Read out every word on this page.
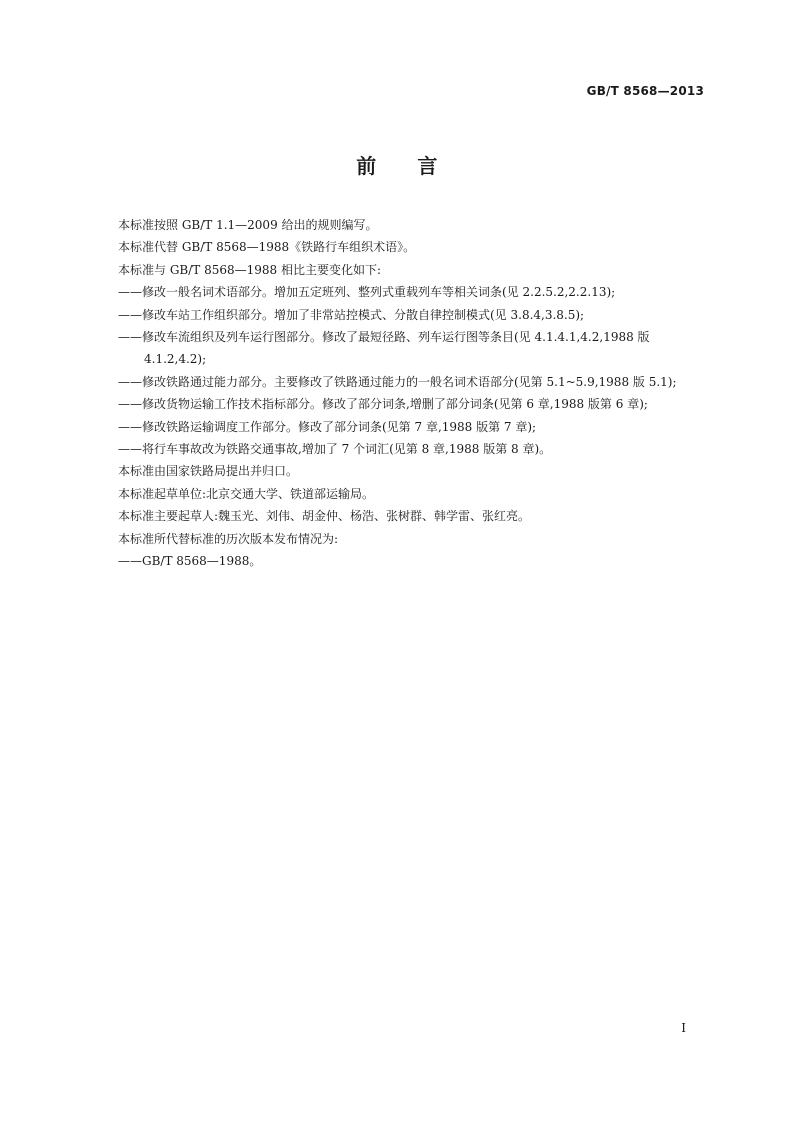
GB/T 8568—2013
前　　言

本标准按照 GB/T 1.1—2009 给出的规则编写。

本标准代替 GB/T 8568—1988《铁路行车组织术语》。

本标准与 GB/T 8568—1988 相比主要变化如下:

——修改一般名词术语部分。增加五定班列、整列式重载列车等相关词条(见 2.2.5.2,2.2.13);

——修改车站工作组织部分。增加了非常站控模式、分散自律控制模式(见 3.8.4,3.8.5);

——修改车流组织及列车运行图部分。修改了最短径路、列车运行图等条目(见 4.1.4.1,4.2,1988 版 4.1.2,4.2);

——修改铁路通过能力部分。主要修改了铁路通过能力的一般名词术语部分(见第 5.1~5.9,1988 版 5.1);

——修改货物运输工作技术指标部分。修改了部分词条,增删了部分词条(见第 6 章,1988 版第 6 章);

——修改铁路运输调度工作部分。修改了部分词条(见第 7 章,1988 版第 7 章);

——将行车事故改为铁路交通事故,增加了 7 个词汇(见第 8 章,1988 版第 8 章)。

本标准由国家铁路局提出并归口。

本标准起草单位:北京交通大学、铁道部运输局。

本标准主要起草人:魏玉光、刘伟、胡金仲、杨浩、张树群、韩学雷、张红亮。

本标准所代替标准的历次版本发布情况为:

——GB/T 8568—1988。

I
